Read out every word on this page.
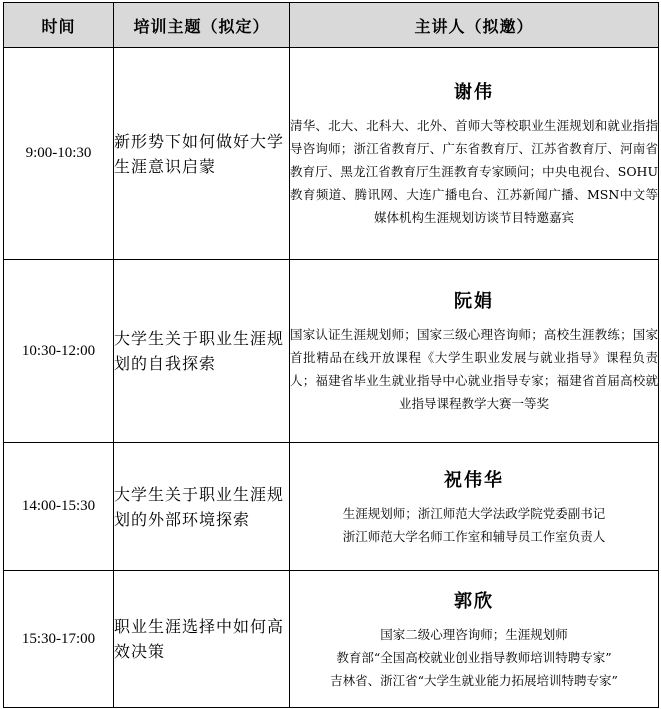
时间	培训主题（拟定）	主讲人（拟邀）
9:00-10:30	新形势下如何做好大学生涯意识启蒙	谢伟
清华、北大、北科大、北外、首师大等校职业生涯规划和就业指指导咨询师；浙江省教育厅、广东省教育厅、江苏省教育厅、河南省教育厅、黑龙江省教育厅生涯教育专家顾问；中央电视台、SOHU教育频道、腾讯网、大连广播电台、江苏新闻广播、MSN中文等媒体机构生涯规划访谈节目特邀嘉宾

10:30-12:00	大学生关于职业生涯规划的自我探索	阮娟
国家认证生涯规划师；国家三级心理咨询师；高校生涯教练；国家首批精品在线开放课程《大学生职业发展与就业指导》课程负责人；福建省毕业生就业指导中心就业指导专家；福建省首届高校就业指导课程教学大赛一等奖

14:00-15:30	大学生关于职业生涯规划的外部环境探索	祝伟华
生涯规划师；浙江师范大学法政学院党委副书记
浙江师范大学名师工作室和辅导员工作室负责人

15:30-17:00	职业生涯选择中如何高效决策	郭欣
国家二级心理咨询师；生涯规划师
教育部“全国高校就业创业指导教师培训特聘专家”
吉林省、浙江省“大学生就业能力拓展培训特聘专家”
